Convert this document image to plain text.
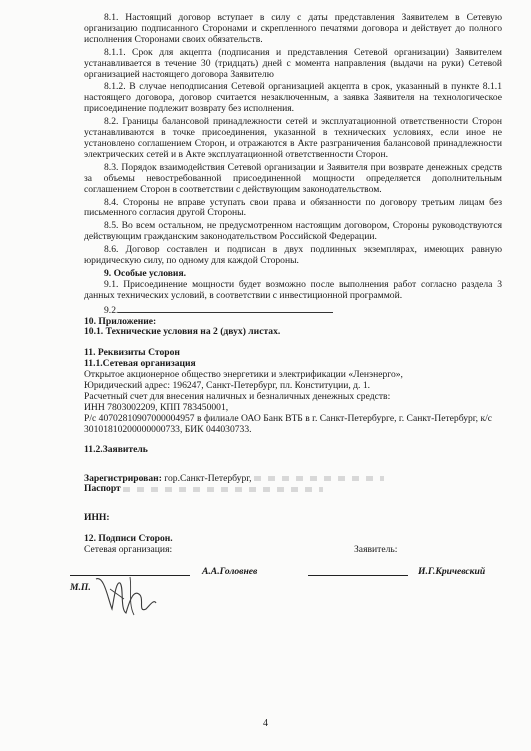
8.1. Настоящий договор вступает в силу с даты представления Заявителем в Сетевую организацию подписанного Сторонами и скрепленного печатями договора и действует до полного исполнения Сторонами своих обязательств.

8.1.1. Срок для акцепта (подписания и представления Сетевой организации) Заявителем устанавливается в течение 30 (тридцать) дней с момента направления (выдачи на руки) Сетевой организацией настоящего договора Заявителю

8.1.2. В случае неподписания Сетевой организацией акцепта в срок, указанный в пункте 8.1.1 настоящего договора, договор считается незаключенным, а заявка Заявителя на технологическое присоединение подлежит возврату без исполнения.

8.2. Границы балансовой принадлежности сетей и эксплуатационной ответственности Сторон устанавливаются в точке присоединения, указанной в технических условиях, если иное не установлено соглашением Сторон, и отражаются в Акте разграничения балансовой принадлежности электрических сетей и в Акте эксплуатационной ответственности Сторон.

8.3. Порядок взаимодействия Сетевой организации и Заявителя при возврате денежных средств за объемы невостребованной присоединенной мощности определяется дополнительным соглашением Сторон в соответствии с действующим законодательством.

8.4. Стороны не вправе уступать свои права и обязанности по договору третьим лицам без письменного согласия другой Стороны.

8.5. Во всем остальном, не предусмотренном настоящим договором, Стороны руководствуются действующим гражданским законодательством Российской Федерации.

8.6. Договор составлен и подписан в двух подлинных экземплярах, имеющих равную юридическую силу, по одному для каждой Стороны.

9. Особые условия.

9.1. Присоединение мощности будет возможно после выполнения работ согласно раздела 3 данных технических условий, в соответствии с инвестиционной программой.

9.2.

10. Приложение:

10.1. Технические условия на 2 (двух) листах.

11. Реквизиты Сторон

11.1.Сетевая организация

Открытое акционерное общество энергетики и электрификации «Ленэнерго»,

Юридический адрес: 196247, Санкт-Петербург, пл. Конституции, д. 1.

Расчетный счет для внесения наличных и безналичных денежных средств:

ИНН 7803002209, КПП 783450001,

Р/с 40702810907000004957 в филиале ОАО Банк ВТБ в г. Санкт-Петербурге, г. Санкт-Петербург, к/с 30101810200000000733, БИК 044030733.

11.2.Заявитель

Зарегистрирован: гор.Санкт-Петербург,

Паспорт

ИНН:

12. Подписи Сторон.

Сетевая организация:	Заявитель:
А.А.Головнев	И.Г.Кричевский
М.П.
4
